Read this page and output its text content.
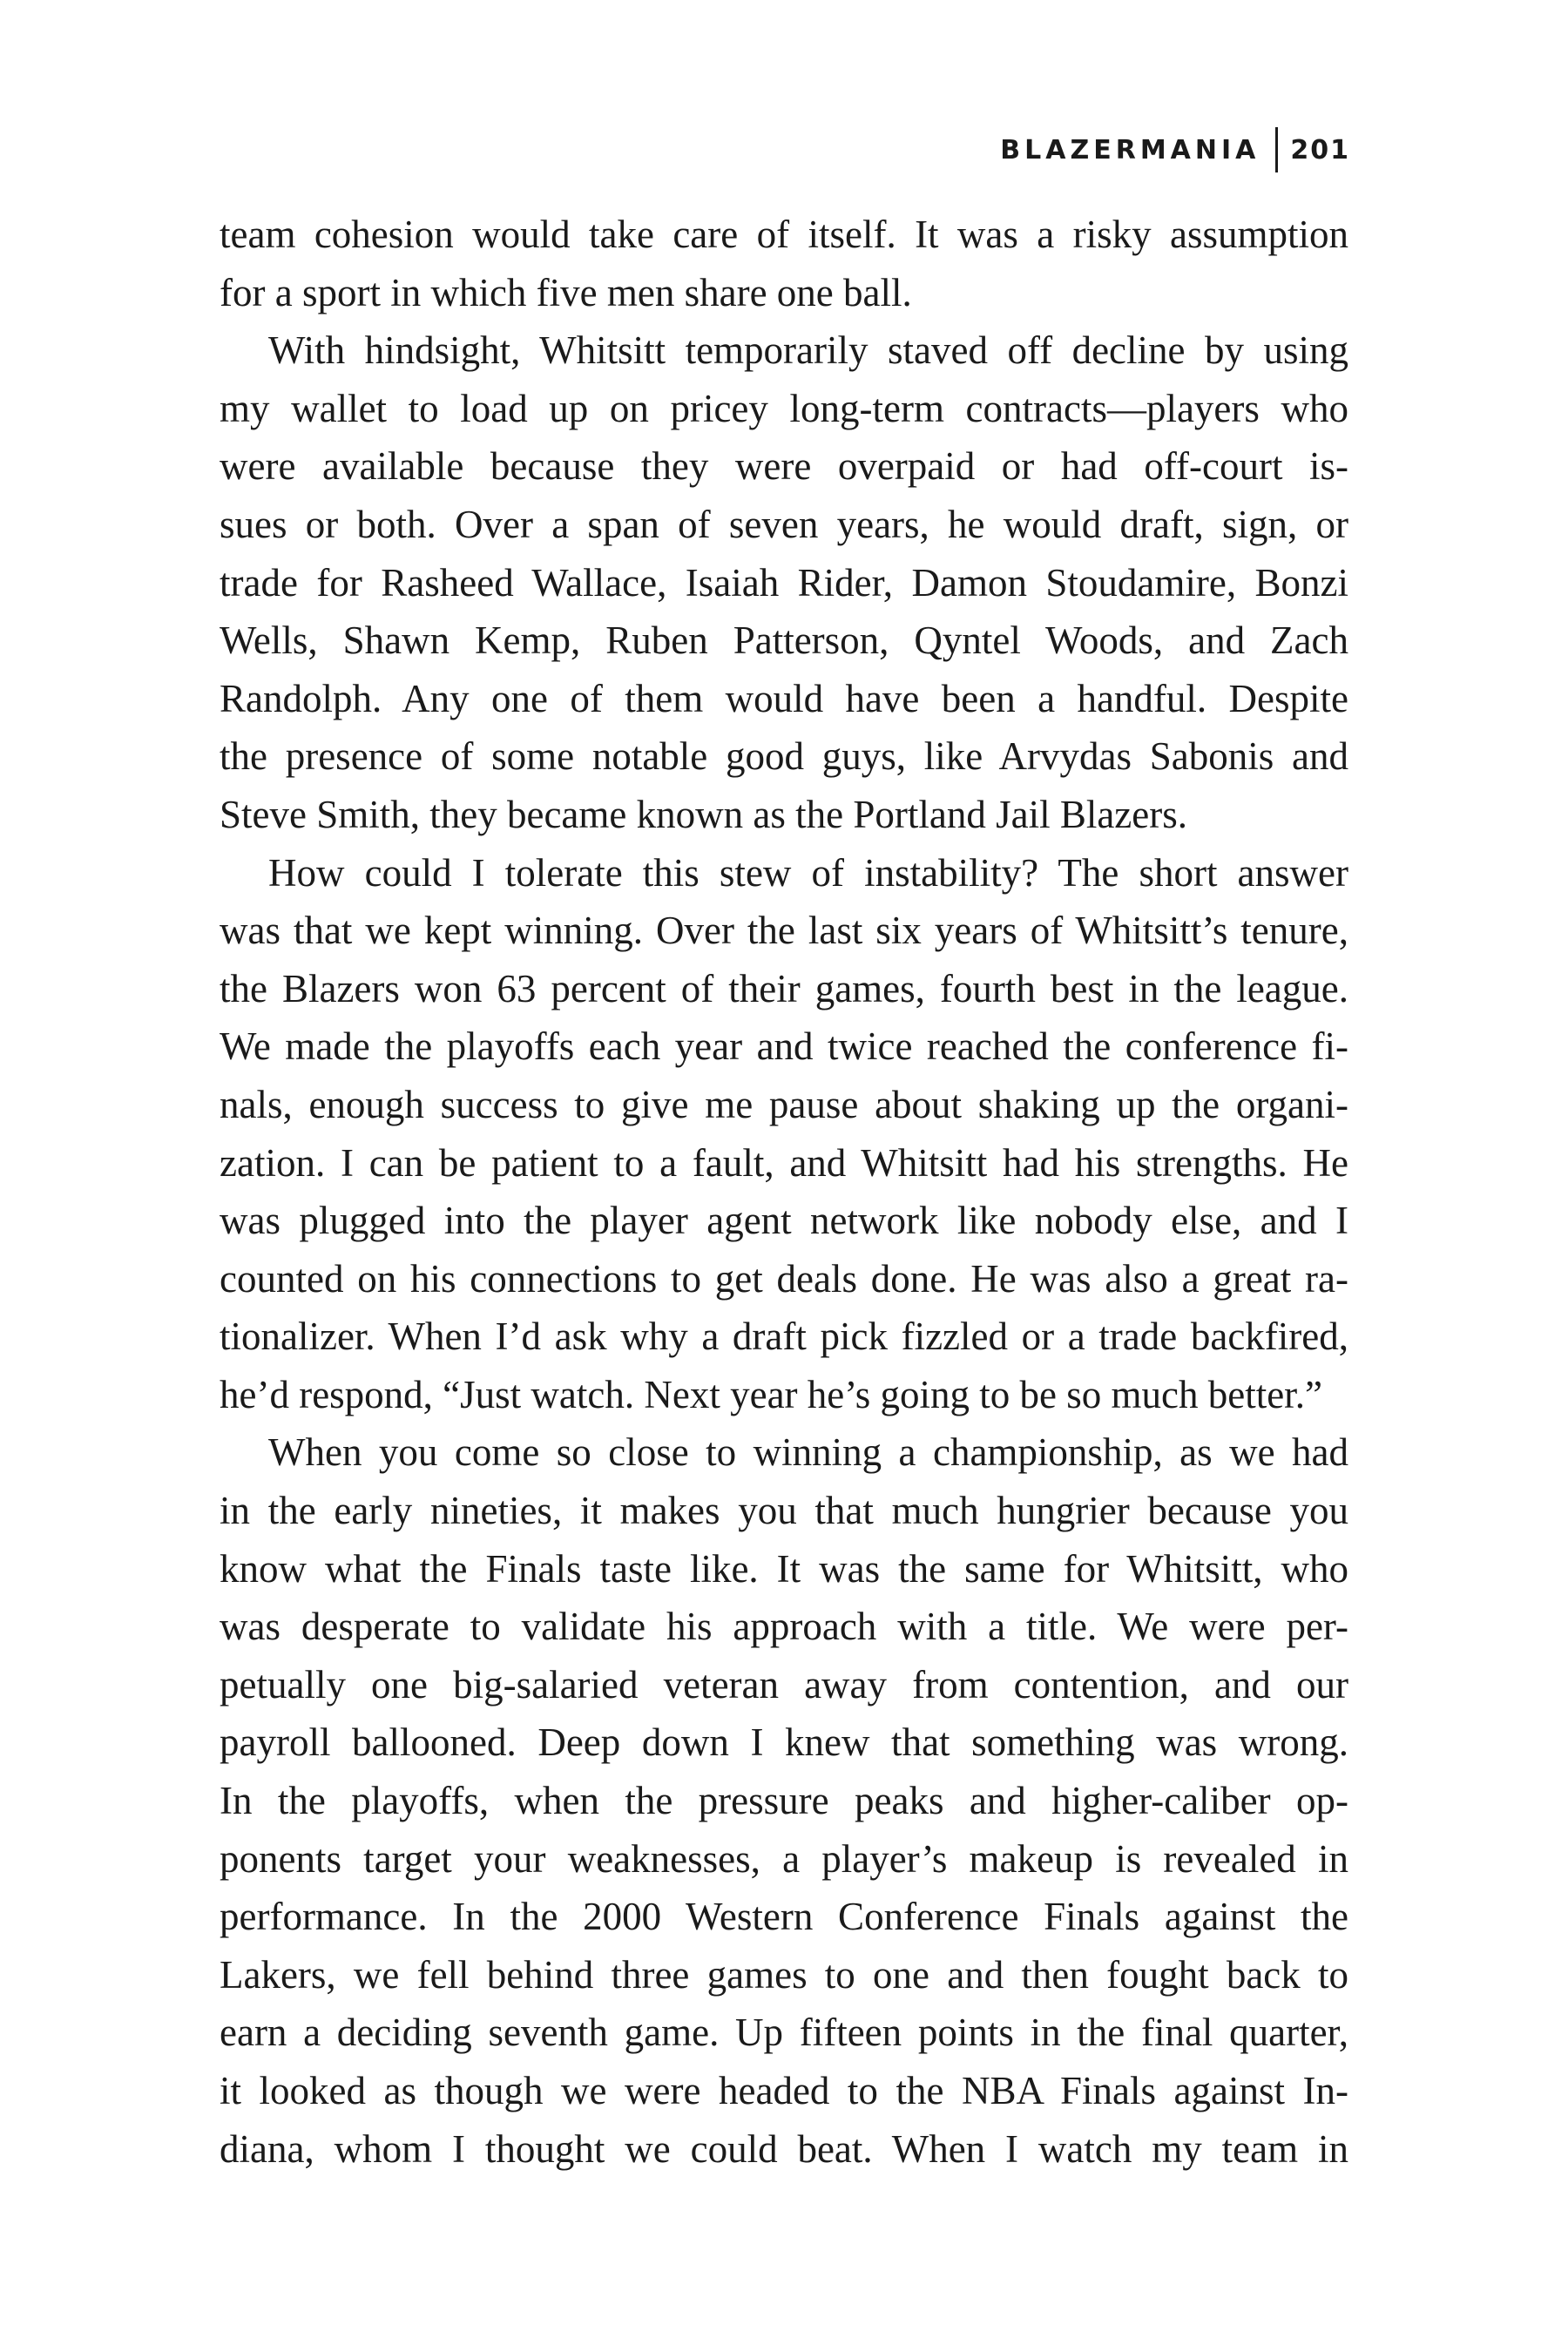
BLAZERMANIA	201

team cohesion would take care of itself. It was a risky assumption

for a sport in which five men share one ball.

With hindsight, Whitsitt temporarily staved off decline by using

my wallet to load up on pricey long-term contracts—players who

were available because they were overpaid or had off-court is-

sues or both. Over a span of seven years, he would draft, sign, or

trade for Rasheed Wallace, Isaiah Rider, Damon Stoudamire, Bonzi

Wells, Shawn Kemp, Ruben Patterson, Qyntel Woods, and Zach

Randolph. Any one of them would have been a handful. Despite

the presence of some notable good guys, like Arvydas Sabonis and

Steve Smith, they became known as the Portland Jail Blazers.

How could I tolerate this stew of instability? The short answer

was that we kept winning. Over the last six years of Whitsitt’s tenure,

the Blazers won 63 percent of their games, fourth best in the league.

We made the playoffs each year and twice reached the conference fi-

nals, enough success to give me pause about shaking up the organi-

zation. I can be patient to a fault, and Whitsitt had his strengths. He

was plugged into the player agent network like nobody else, and I

counted on his connections to get deals done. He was also a great ra-

tionalizer. When I’d ask why a draft pick fizzled or a trade backfired,

he’d respond, “Just watch. Next year he’s going to be so much better.”

When you come so close to winning a championship, as we had

in the early nineties, it makes you that much hungrier because you

know what the Finals taste like. It was the same for Whitsitt, who

was desperate to validate his approach with a title. We were per-

petually one big-salaried veteran away from contention, and our

payroll ballooned. Deep down I knew that something was wrong.

In the playoffs, when the pressure peaks and higher-caliber op-

ponents target your weaknesses, a player’s makeup is revealed in

performance. In the 2000 Western Conference Finals against the

Lakers, we fell behind three games to one and then fought back to

earn a deciding seventh game. Up fifteen points in the final quarter,

it looked as though we were headed to the NBA Finals against In-

diana, whom I thought we could beat. When I watch my team in
